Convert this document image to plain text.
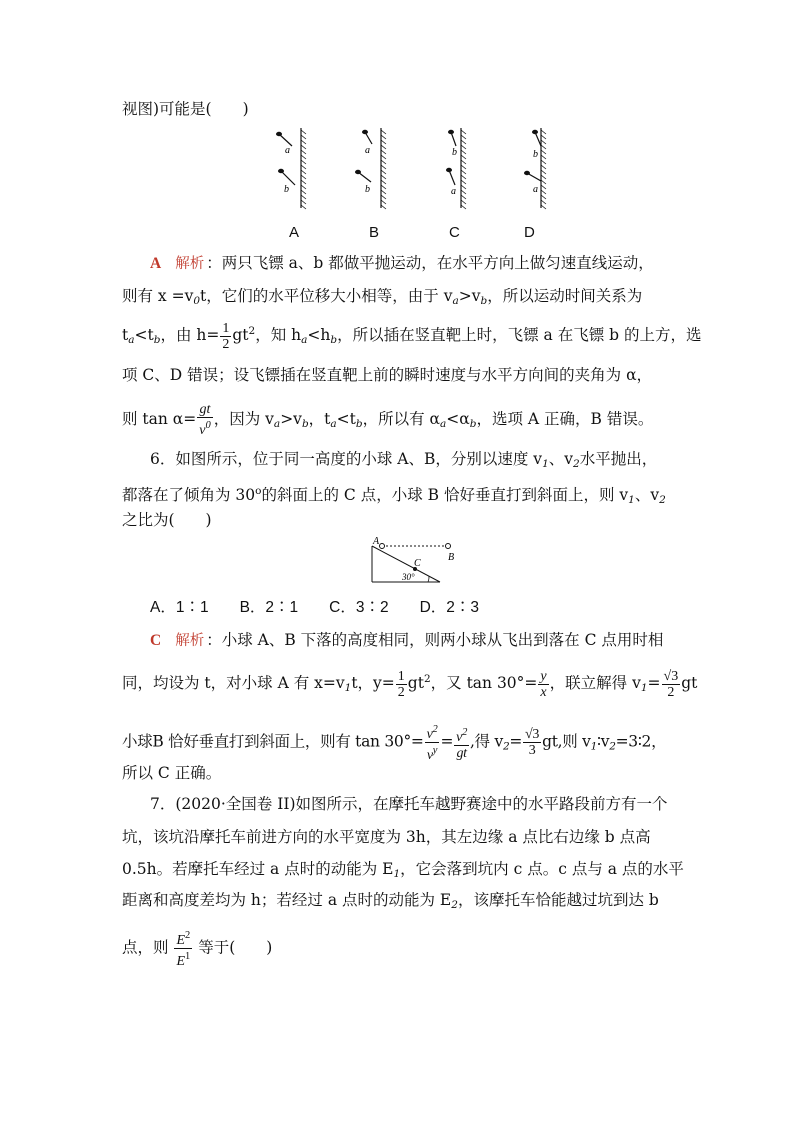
视图)可能是(　　)
a
b
a
b
b
a
b
a
A	B	C	D
A 解析 ：两只飞镖 a、b 都做平抛运动，在水平方向上做匀速直线运动，
则有 $x =v_0t$，它们的水平位移大小相等，由于 $v_a>v_b$，所以运动时间关系为
$t_a<t_b$，由 $h= \frac{1}{2} gt^2$，知 $h_a<h_b$，所以插在竖直靶上时，飞镖 a 在飞镖 b 的上方，选
项 C、D 错误；设飞镖插在竖直靶上前的瞬时速度与水平方向间的夹角为 α，
则 $\tan \alpha= \frac{gt}{v^0}$ ，因为 $v_a>v_b$，$t_a<t_b$，所以有 $\alpha_a<\alpha_b$，选项 A 正确，B 错误。
6．如图所示，位于同一高度的小球 A、B，分别以速度 $v_1$、$v_2$水平抛出，
都落在了倾角为 30$^o$的斜面上的 C 点，小球 B 恰好垂直打到斜面上，则 $v_1$、$v_2$
之比为(　　)
A
B
C
30°
A．1∶1　　B．2∶1　　C．3∶2　　D．2∶3
C 解析 ：小球 A、B 下落的高度相同，则两小球从飞出到落在 C 点用时相
同，均设为 t，对小球 A 有 $x=v_1t$，$y= \frac{1}{2} gt^2$，又 $\tan 30^\circ= \frac{y}{x}$ ，联立解得 $v_1= \frac{√3}{2}$ gt
小球B 恰好垂直打到斜面上，则有 $\tan 30^\circ= \frac{v^2}{v^y} = \frac{v^2}{gt}$ ,得 $v_2= \frac{√3}{3}$ gt,则 $v_1∶v_2=3∶2$，
所以 C 正确。
7．(2020·全国卷 II)如图所示，在摩托车越野赛途中的水平路段前方有一个
坑，该坑沿摩托车前进方向的水平宽度为 3h，其左边缘 a 点比右边缘 b 点高
0.5h。若摩托车经过 a 点时的动能为 $E_1$，它会落到坑内 c 点。c 点与 a 点的水平
距离和高度差均为 h；若经过 a 点时的动能为 $E_2$，该摩托车恰能越过坑到达 b
点，则 $\frac{E^2}{E^1}$ 等于(　　)
